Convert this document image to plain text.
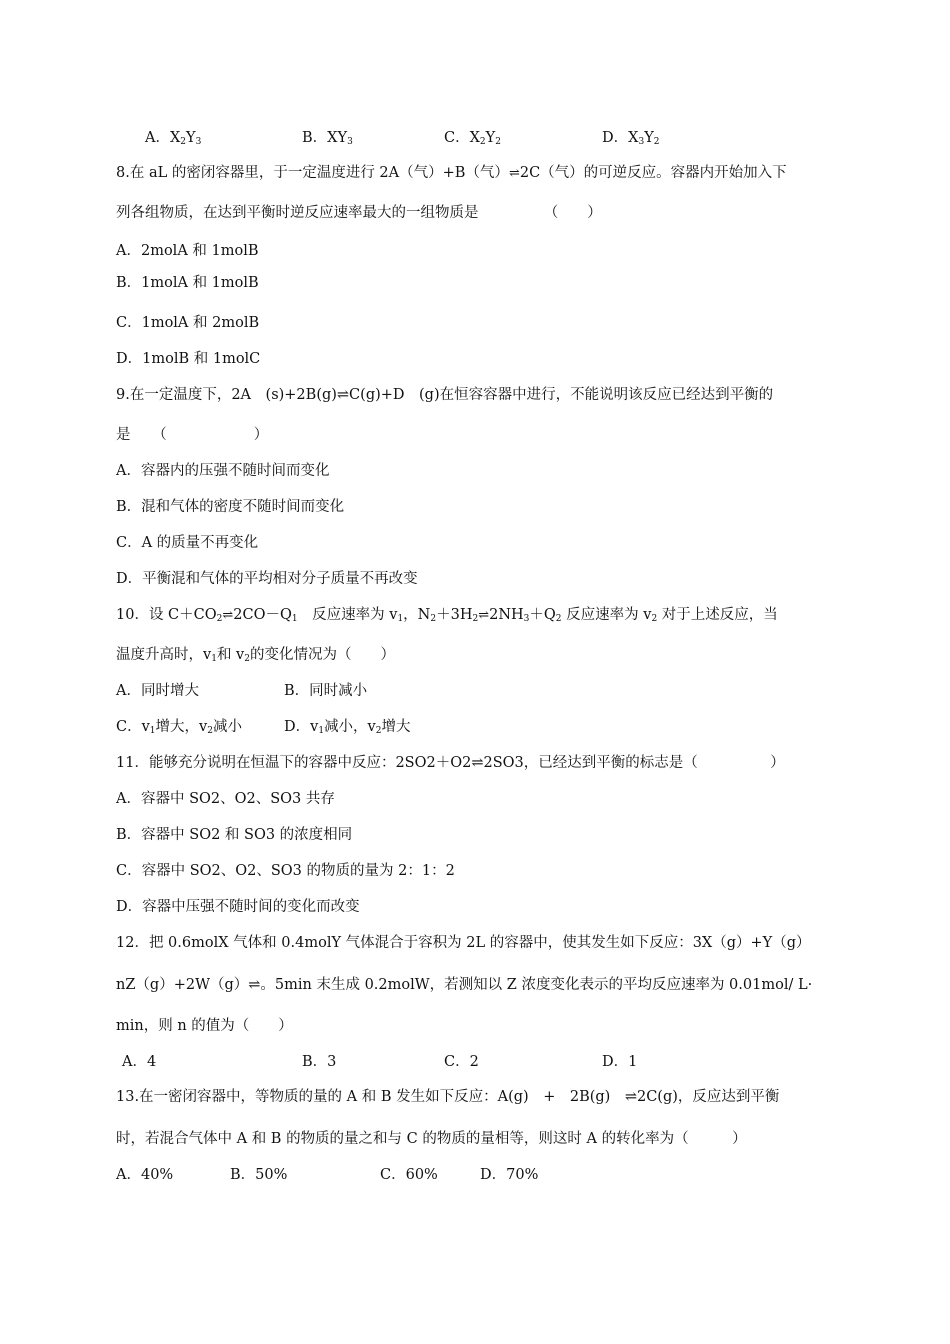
A．$X_2Y_3$	B．$XY_3$	C．$X_2Y_2$	D．$X_3Y_2$
8.在 aL 的密闭容器里，于一定温度进行 2A（气）+B（气）⇌2C（气）的可逆反应。容器内开始加入下
列各组物质，在达到平衡时逆反应速率最大的一组物质是　　　　　（　　）
A．2molA 和 1molB
B．1molA 和 1molB
C．1molA 和 2molB
D．1molB 和 1molC
9.在一定温度下，2A　(s)+2B(g)⇌C(g)+D　(g)在恒容容器中进行，不能说明该反应已经达到平衡的
是　　（　　　　　　）
A．容器内的压强不随时间而变化
B．混和气体的密度不随时间而变化
C．A 的质量不再变化
D．平衡混和气体的平均相对分子质量不再改变
10．设 $C+CO_2\rightleftharpoons 2CO-Q_1$　反应速率为 $v_1$，$N_2+3H_2\rightleftharpoons 2NH_3+Q_2$ 反应速率为 $v_2$ 对于上述反应，当
温度升高时，$v_1$和 $v_2$的变化情况为（　　）
A．同时增大	B．同时减小
C．$v_1$增大，$v_2$减小	D．$v_1$减小，$v_2$增大
11．能够充分说明在恒温下的容器中反应：2SO2＋O2⇌2SO3，已经达到平衡的标志是（　　　　　）
A．容器中 SO2、O2、SO3 共存
B．容器中 SO2 和 SO3 的浓度相同
C．容器中 SO2、O2、SO3 的物质的量为 2：1：2
D．容器中压强不随时间的变化而改变
12．把 0.6molX 气体和 0.4molY 气体混合于容积为 2L 的容器中，使其发生如下反应：3X（g）+Y（g）
nZ（g）+2W（g）⇌。5min 末生成 0.2molW，若测知以 Z 浓度变化表示的平均反应速率为 0.01mol/ L·
min，则 n 的值为（　　）
A．4	B．3	C．2	D．1
13.在一密闭容器中，等物质的量的 A 和 B 发生如下反应：A(g)　+　2B(g)　⇌2C(g)，反应达到平衡
时，若混合气体中 A 和 B 的物质的量之和与 C 的物质的量相等，则这时 A 的转化率为（　　　）
A．40%	B．50%	C．60%	D．70%
